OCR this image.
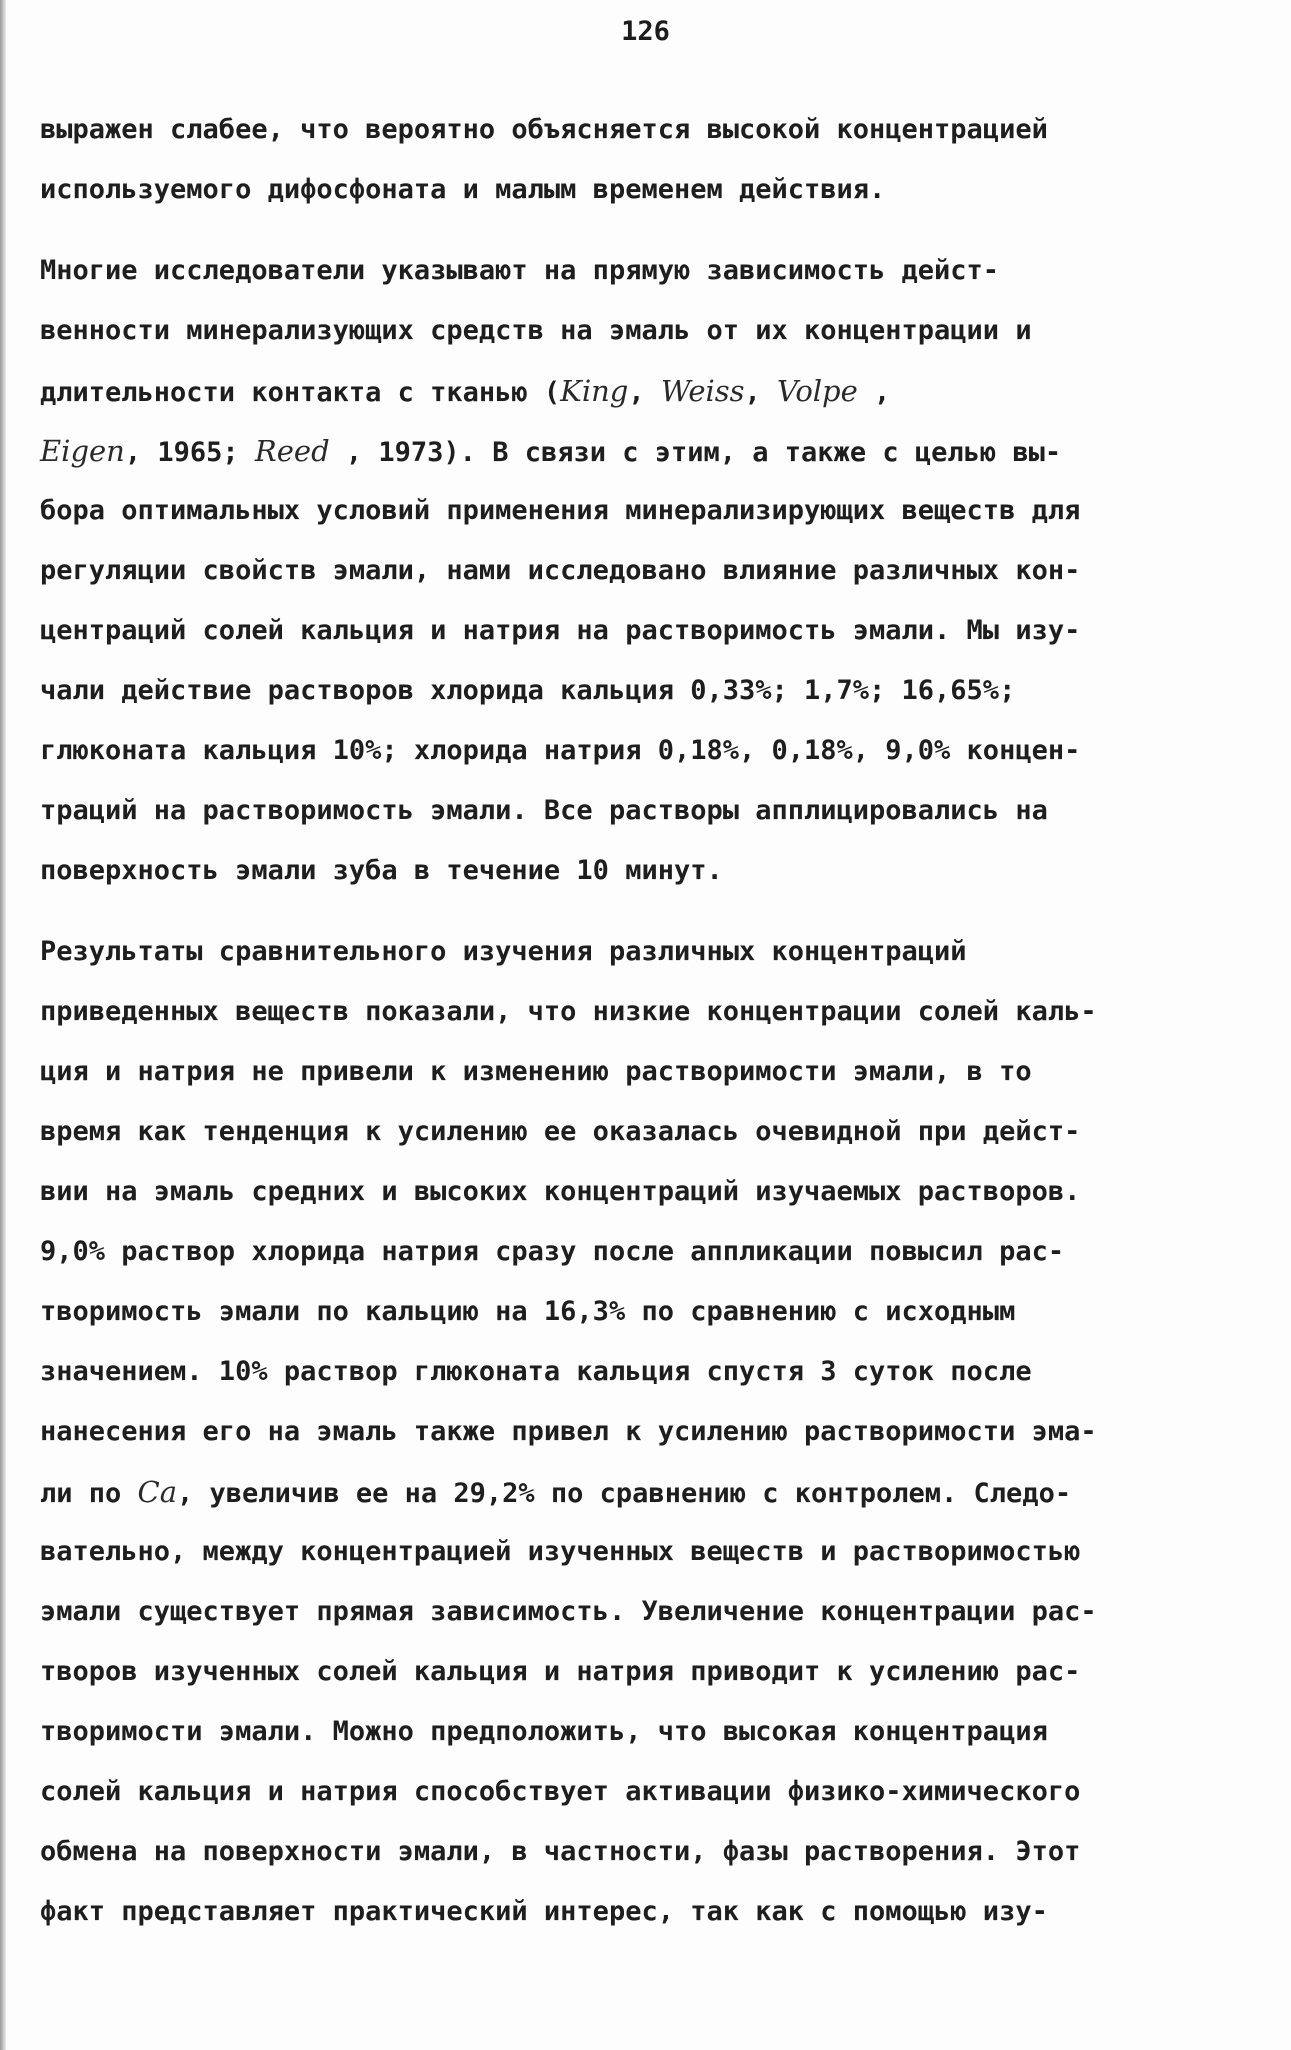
126
выражен слабее, что вероятно объясняется высокой концентрацией
используемого дифосфоната и малым временем действия.
Многие исследователи указывают на прямую зависимость дейст-
венности минерализующих средств на эмаль от их концентрации и
длительности контакта с тканью (King, Weiss, Volpe ,
Eigen, 1965; Reed , 1973). В связи с этим, а также с целью вы-
бора оптимальных условий применения минерализирующих веществ для
регуляции свойств эмали, нами исследовано влияние различных кон-
центраций солей кальция и натрия на растворимость эмали. Мы изу-
чали действие растворов хлорида кальция 0,33%; 1,7%; 16,65%;
глюконата кальция 10%; хлорида натрия 0,18%, 0,18%, 9,0% концен-
траций на растворимость эмали. Все растворы апплицировались на
поверхность эмали зуба в течение 10 минут.
Результаты сравнительного изучения различных концентраций
приведенных веществ показали, что низкие концентрации солей каль-
ция и натрия не привели к изменению растворимости эмали, в то
время как тенденция к усилению ее оказалась очевидной при дейст-
вии на эмаль средних и высоких концентраций изучаемых растворов.
9,0% раствор хлорида натрия сразу после аппликации повысил рас-
творимость эмали по кальцию на 16,3% по сравнению с исходным
значением. 10% раствор глюконата кальция спустя 3 суток после
нанесения его на эмаль также привел к усилению растворимости эма-
ли по Ca, увеличив ее на 29,2% по сравнению с контролем. Следо-
вательно, между концентрацией изученных веществ и растворимостью
эмали существует прямая зависимость. Увеличение концентрации рас-
творов изученных солей кальция и натрия приводит к усилению рас-
творимости эмали. Можно предположить, что высокая концентрация
солей кальция и натрия способствует активации физико-химического
обмена на поверхности эмали, в частности, фазы растворения. Этот
факт представляет практический интерес, так как с помощью изу-
